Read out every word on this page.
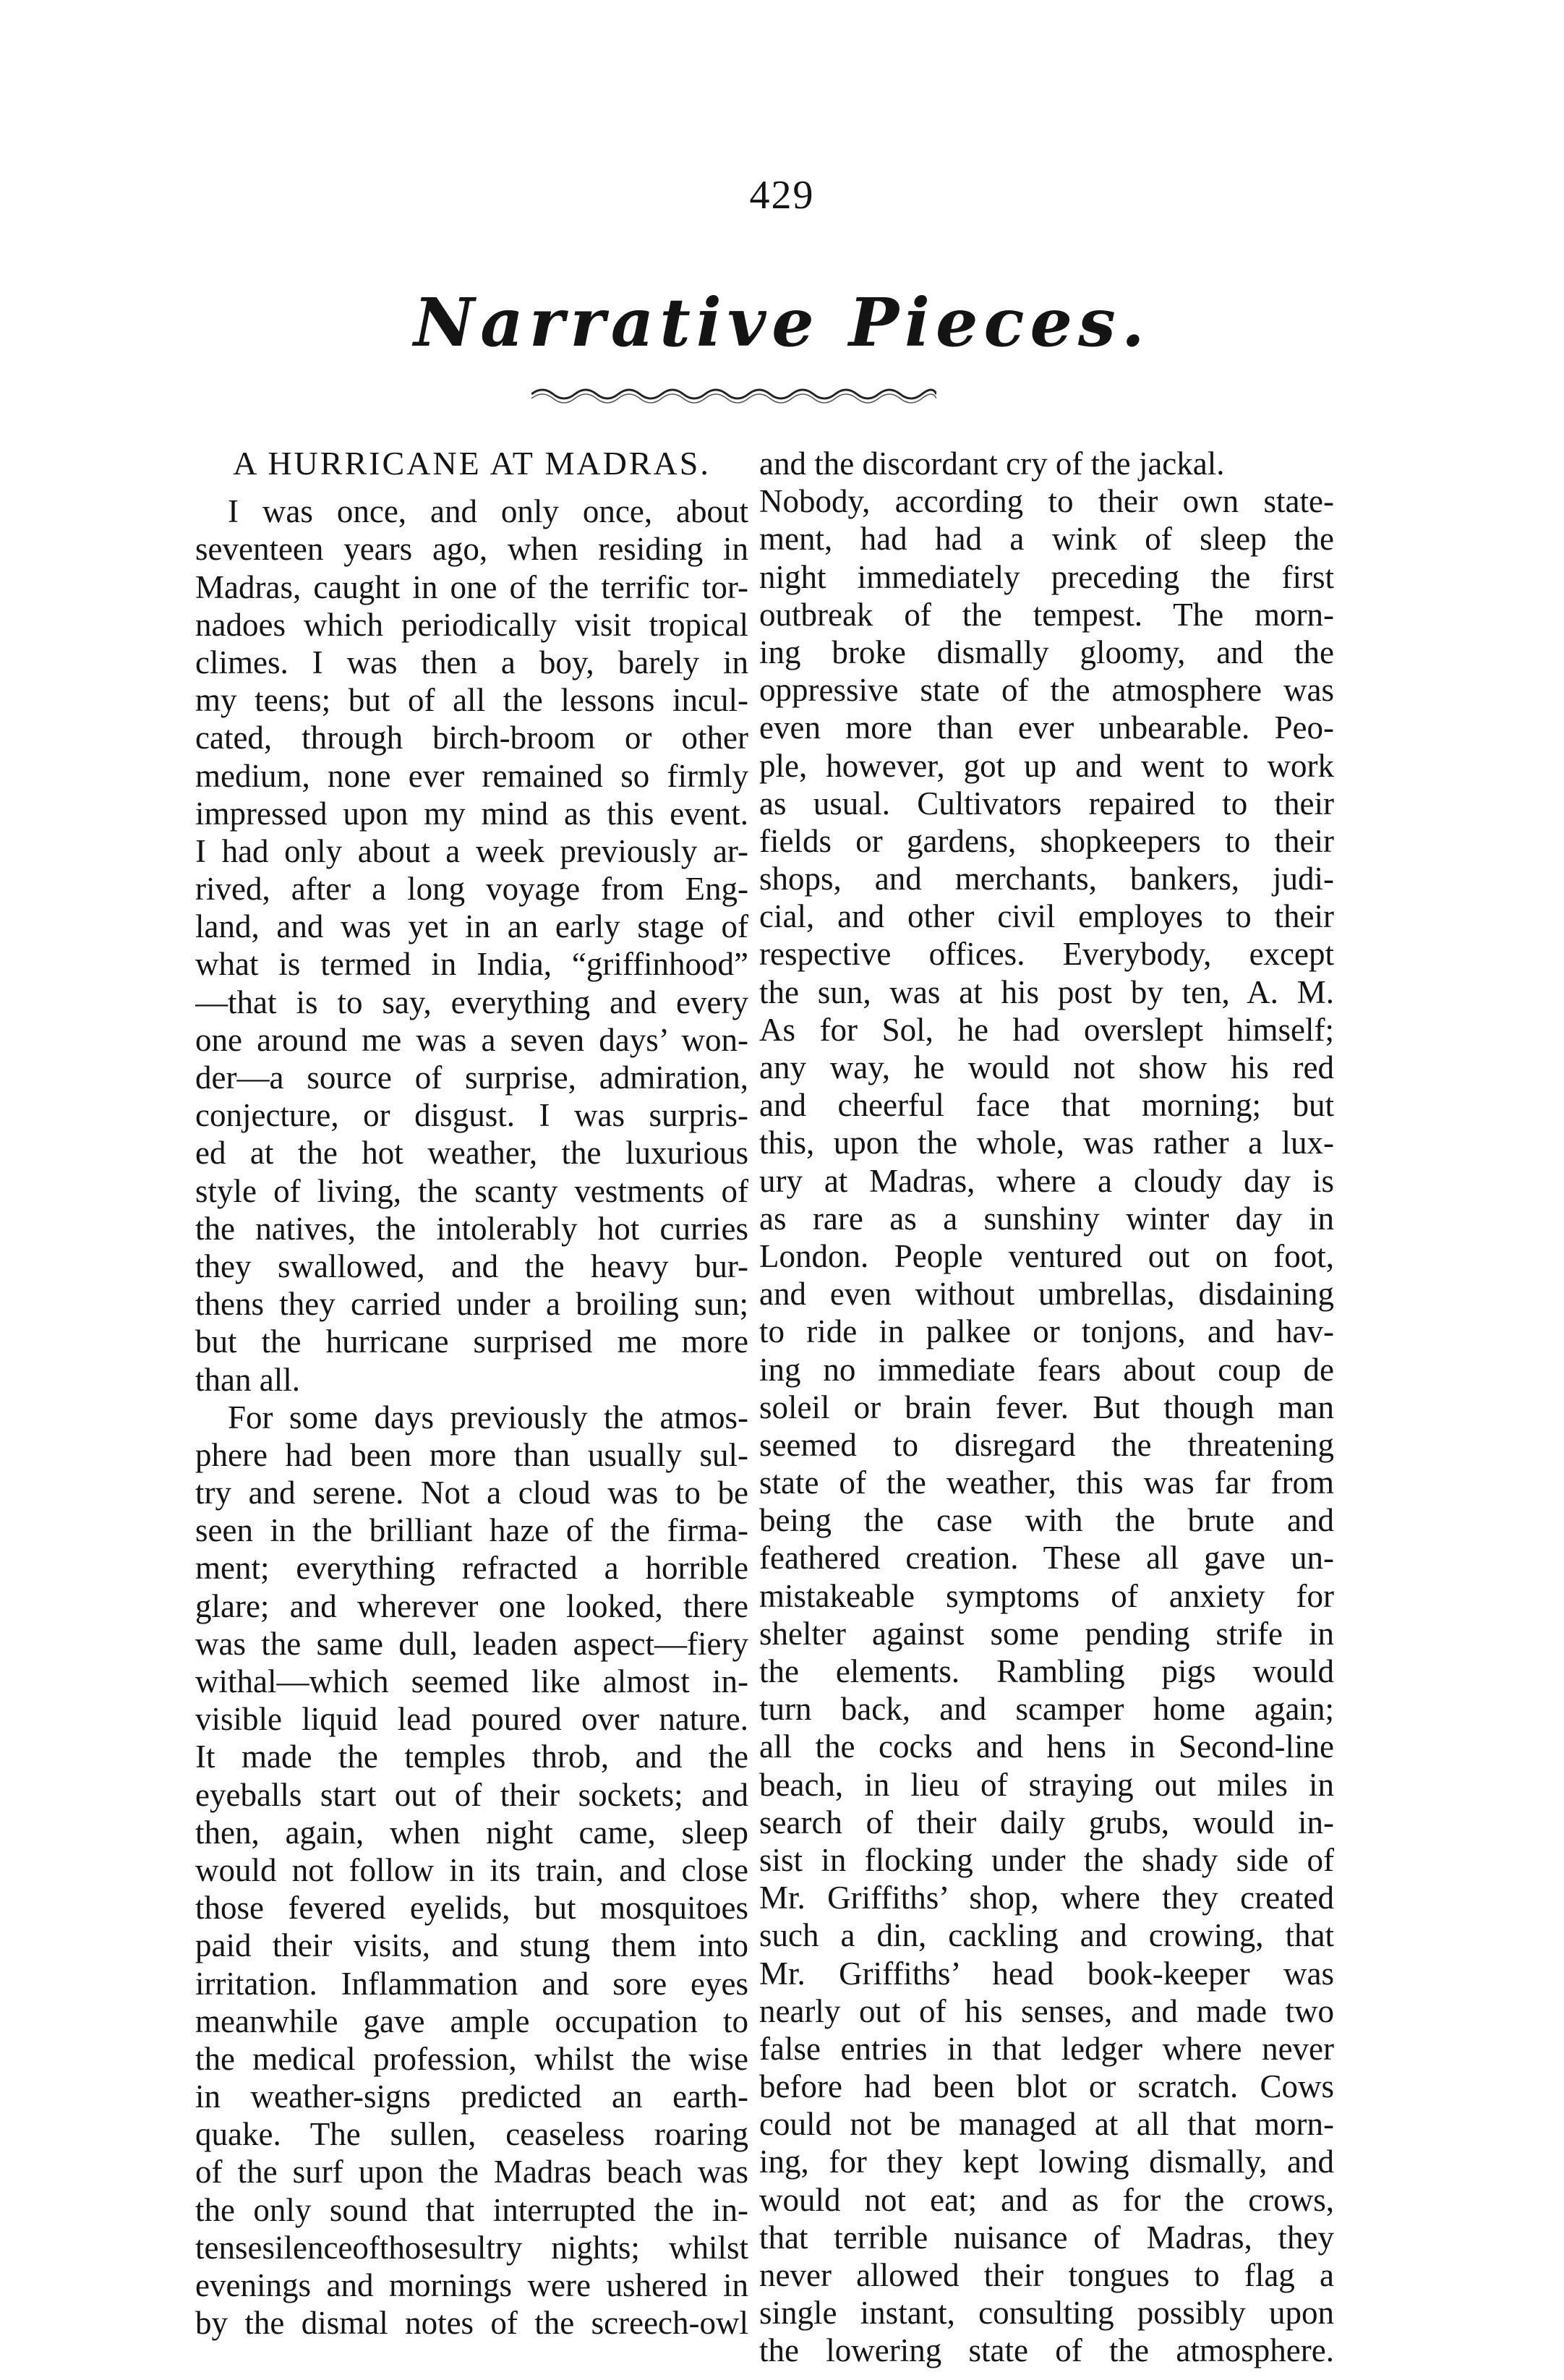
429
Narrative Pieces.
A HURRICANE AT MADRAS.
I was once, and only once, about
seventeen years ago, when residing in
Madras, caught in one of the terrific tor-
nadoes which periodically visit tropical
climes. I was then a boy, barely in
my teens; but of all the lessons incul-
cated, through birch-broom or other
medium, none ever remained so firmly
impressed upon my mind as this event.
I had only about a week previously ar-
rived, after a long voyage from Eng-
land, and was yet in an early stage of
what is termed in India, “griffinhood”
—that is to say, everything and every
one around me was a seven days’ won-
der—a source of surprise, admiration,
conjecture, or disgust. I was surpris-
ed at the hot weather, the luxurious
style of living, the scanty vestments of
the natives, the intolerably hot curries
they swallowed, and the heavy bur-
thens they carried under a broiling sun;
but the hurricane surprised me more
than all.
For some days previously the atmos-
phere had been more than usually sul-
try and serene. Not a cloud was to be
seen in the brilliant haze of the firma-
ment; everything refracted a horrible
glare; and wherever one looked, there
was the same dull, leaden aspect—fiery
withal—which seemed like almost in-
visible liquid lead poured over nature.
It made the temples throb, and the
eyeballs start out of their sockets; and
then, again, when night came, sleep
would not follow in its train, and close
those fevered eyelids, but mosquitoes
paid their visits, and stung them into
irritation. Inflammation and sore eyes
meanwhile gave ample occupation to
the medical profession, whilst the wise
in weather-signs predicted an earth-
quake. The sullen, ceaseless roaring
of the surf upon the Madras beach was
the only sound that interrupted the in-
tensesilenceofthosesultry nights; whilst
evenings and mornings were ushered in
by the dismal notes of the screech-owl
and the discordant cry of the jackal.
Nobody, according to their own state-
ment, had had a wink of sleep the
night immediately preceding the first
outbreak of the tempest. The morn-
ing broke dismally gloomy, and the
oppressive state of the atmosphere was
even more than ever unbearable. Peo-
ple, however, got up and went to work
as usual. Cultivators repaired to their
fields or gardens, shopkeepers to their
shops, and merchants, bankers, judi-
cial, and other civil employes to their
respective offices. Everybody, except
the sun, was at his post by ten, A. M.
As for Sol, he had overslept himself;
any way, he would not show his red
and cheerful face that morning; but
this, upon the whole, was rather a lux-
ury at Madras, where a cloudy day is
as rare as a sunshiny winter day in
London. People ventured out on foot,
and even without umbrellas, disdaining
to ride in palkee or tonjons, and hav-
ing no immediate fears about coup de
soleil or brain fever. But though man
seemed to disregard the threatening
state of the weather, this was far from
being the case with the brute and
feathered creation. These all gave un-
mistakeable symptoms of anxiety for
shelter against some pending strife in
the elements. Rambling pigs would
turn back, and scamper home again;
all the cocks and hens in Second-line
beach, in lieu of straying out miles in
search of their daily grubs, would in-
sist in flocking under the shady side of
Mr. Griffiths’ shop, where they created
such a din, cackling and crowing, that
Mr. Griffiths’ head book-keeper was
nearly out of his senses, and made two
false entries in that ledger where never
before had been blot or scratch. Cows
could not be managed at all that morn-
ing, for they kept lowing dismally, and
would not eat; and as for the crows,
that terrible nuisance of Madras, they
never allowed their tongues to flag a
single instant, consulting possibly upon
the lowering state of the atmosphere.
